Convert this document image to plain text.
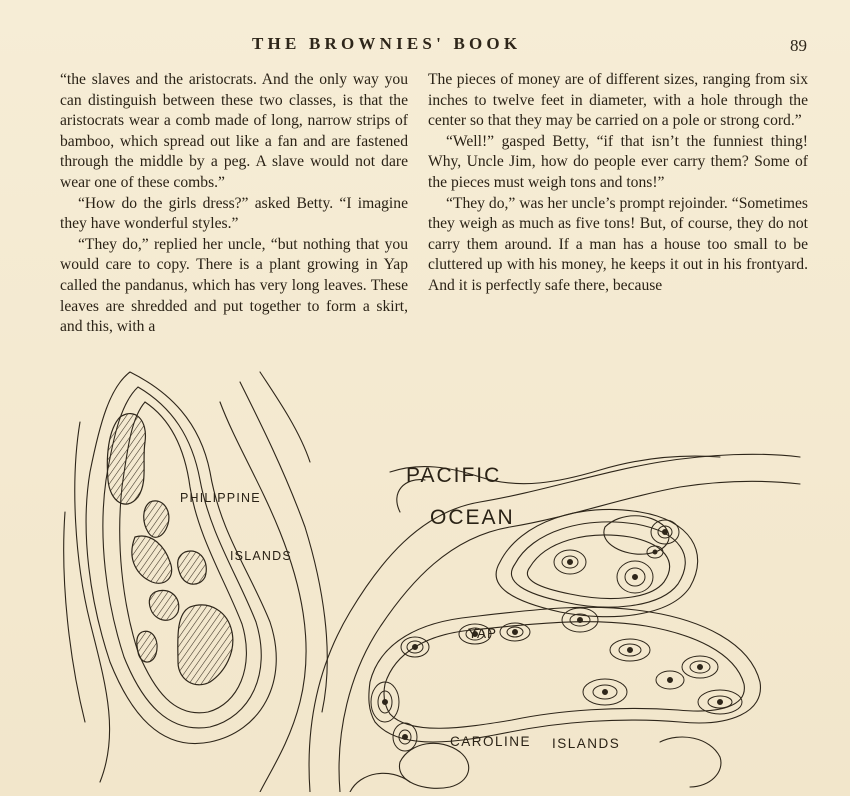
THE BROWNIES' BOOK	89

“the slaves and the aristocrats. And the only way you can distinguish between these two classes, is that the aristocrats wear a comb made of long, narrow strips of bamboo, which spread out like a fan and are fastened through the middle by a peg. A slave would not dare wear one of these combs.”

“How do the girls dress?” asked Betty. “I imagine they have wonderful styles.”

“They do,” replied her uncle, “but nothing that you would care to copy. There is a plant growing in Yap called the pandanus, which has very long leaves. These leaves are shredded and put together to form a skirt, and this, with a

The pieces of money are of different sizes, ranging from six inches to twelve feet in diameter, with a hole through the center so that they may be carried on a pole or strong cord.”

“Well!” gasped Betty, “if that isn’t the funniest thing! Why, Uncle Jim, how do people ever carry them? Some of the pieces must weigh tons and tons!”

“They do,” was her uncle’s prompt rejoinder. “Sometimes they weigh as much as five tons! But, of course, they do not carry them around. If a man has a house too small to be cluttered up with his money, he keeps it out in his frontyard. And it is perfectly safe there, because

PHILIPPINE
ISLANDS
PACIFIC
OCEAN
YAP
CAROLINE ISLANDS
